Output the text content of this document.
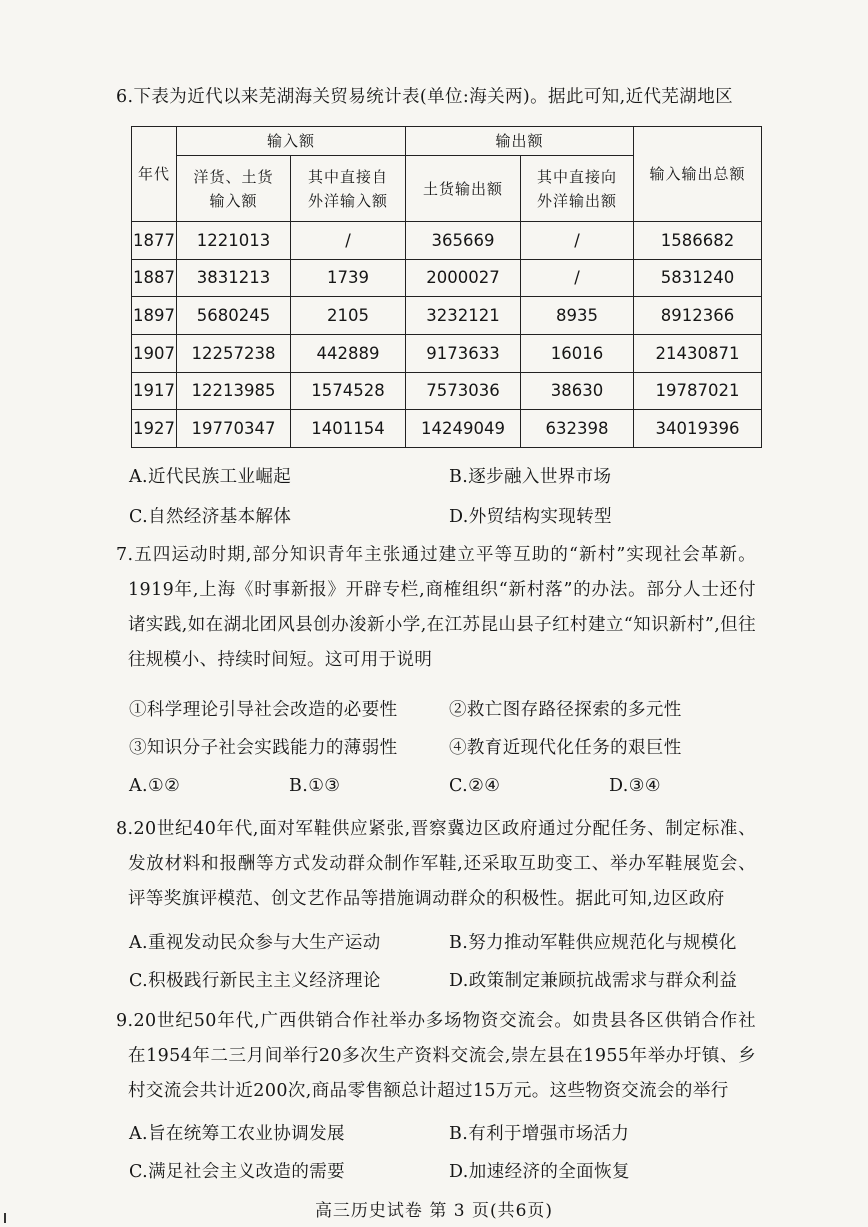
6.下表为近代以来芜湖海关贸易统计表(单位:海关两)。据此可知,近代芜湖地区
年代	输入额		输出额		输入输出总额
	洋货、土货输入额	其中直接自外洋输入额	土货输出额	其中直接向外洋输出额	
1877	1221013	/	365669	/	1586682
1887	3831213	1739	2000027	/	5831240
1897	5680245	2105	3232121	8935	8912366
1907	12257238	442889	9173633	16016	21430871
1917	12213985	1574528	7573036	38630	19787021
1927	19770347	1401154	14249049	632398	34019396
A.近代民族工业崛起	B.逐步融入世界市场
C.自然经济基本解体	D.外贸结构实现转型
7.五四运动时期,部分知识青年主张通过建立平等互助的“新村”实现社会革新。1919年,上海《时事新报》开辟专栏,商榷组织“新村落”的办法。部分人士还付诸实践,如在湖北团风县创办浚新小学,在江苏昆山县子红村建立“知识新村”,但往往规模小、持续时间短。这可用于说明
①科学理论引导社会改造的必要性	②救亡图存路径探索的多元性
③知识分子社会实践能力的薄弱性	④教育近现代化任务的艰巨性
A.①②	B.①③	C.②④	D.③④
8.20世纪40年代,面对军鞋供应紧张,晋察冀边区政府通过分配任务、制定标准、发放材料和报酬等方式发动群众制作军鞋,还采取互助变工、举办军鞋展览会、评等奖旗评模范、创文艺作品等措施调动群众的积极性。据此可知,边区政府
A.重视发动民众参与大生产运动	B.努力推动军鞋供应规范化与规模化
C.积极践行新民主主义经济理论	D.政策制定兼顾抗战需求与群众利益
9.20世纪50年代,广西供销合作社举办多场物资交流会。如贵县各区供销合作社在1954年二三月间举行20多次生产资料交流会,崇左县在1955年举办圩镇、乡村交流会共计近200次,商品零售额总计超过15万元。这些物资交流会的举行
A.旨在统筹工农业协调发展	B.有利于增强市场活力
C.满足社会主义改造的需要	D.加速经济的全面恢复
高三历史试卷 第 3 页(共6页)
